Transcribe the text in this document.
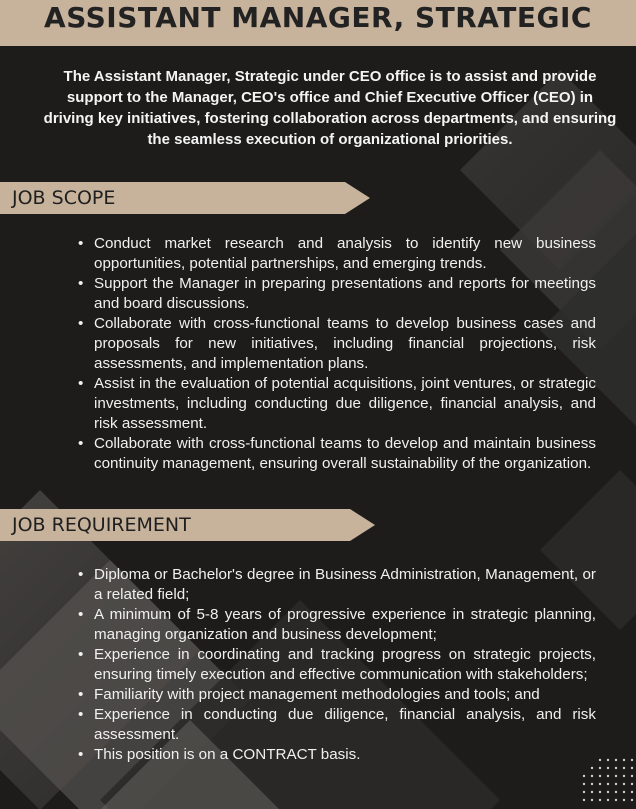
ASSISTANT MANAGER, STRATEGIC
The Assistant Manager, Strategic under CEO office is to assist and provide support to the Manager, CEO's office and Chief Executive Officer (CEO) in driving key initiatives, fostering collaboration across departments, and ensuring the seamless execution of organizational priorities.
JOB SCOPE
• Conduct market research and analysis to identify new business opportunities, potential partnerships, and emerging trends.
• Support the Manager in preparing presentations and reports for meetings and board discussions.
• Collaborate with cross-functional teams to develop business cases and proposals for new initiatives, including financial projections, risk assessments, and implementation plans.
• Assist in the evaluation of potential acquisitions, joint ventures, or strategic investments, including conducting due diligence, financial analysis, and risk assessment.
• Collaborate with cross-functional teams to develop and maintain business continuity management, ensuring overall sustainability of the organization.
JOB REQUIREMENT
• Diploma or Bachelor's degree in Business Administration, Management, or a related field;
• A minimum of 5-8 years of progressive experience in strategic planning, managing organization and business development;
• Experience in coordinating and tracking progress on strategic projects, ensuring timely execution and effective communication with stakeholders;
• Familiarity with project management methodologies and tools; and
• Experience in conducting due diligence, financial analysis, and risk assessment.
• This position is on a CONTRACT basis.
